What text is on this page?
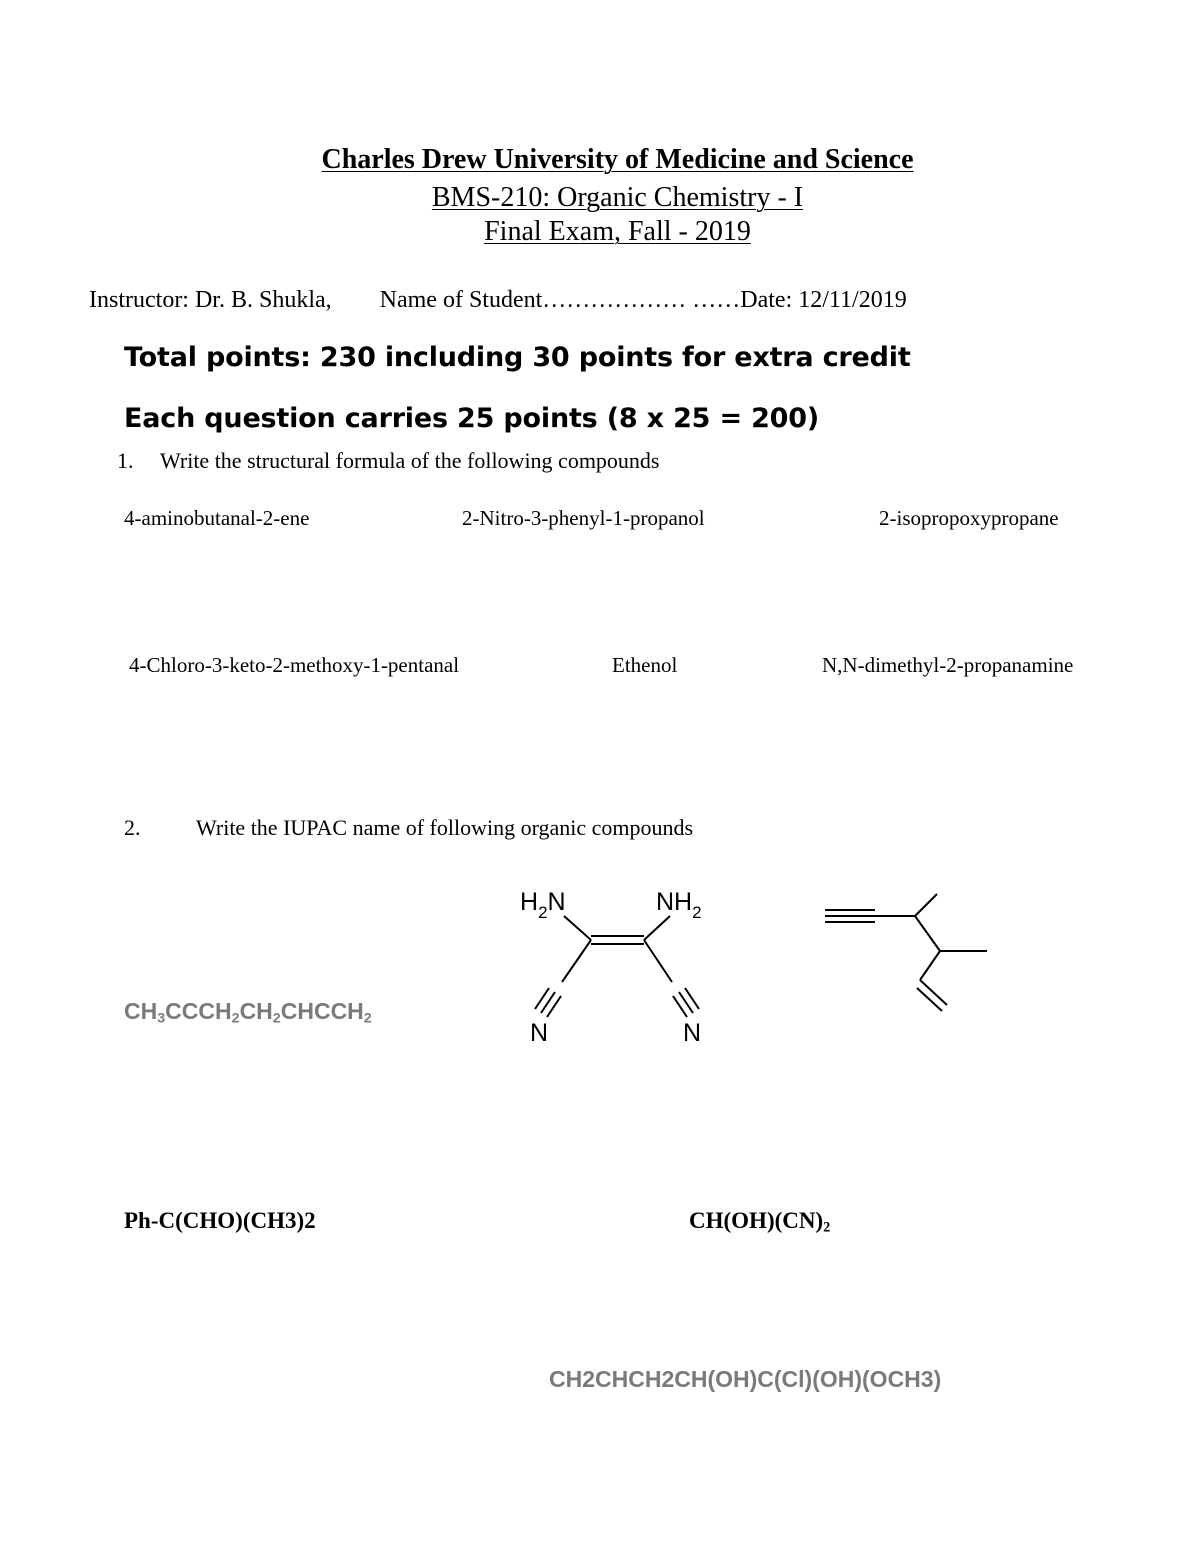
Charles Drew University of Medicine and Science
BMS-210: Organic Chemistry - I
Final Exam, Fall - 2019
Instructor: Dr. B. Shukla,        Name of Student……………… ……Date: 12/11/2019
Total points: 230 including 30 points for extra credit
Each question carries 25 points (8 x 25 = 200)
1. Write the structural formula of the following compounds
4-aminobutanal-2-ene	2-Nitro-3-phenyl-1-propanol	2-isopropoxypropane
4-Chloro-3-keto-2-methoxy-1-pentanal	Ethenol	N,N-dimethyl-2-propanamine
2.	Write the IUPAC name of following organic compounds
$CH_3CCCH_2CH_2CHCCH_2$
$H_2N$	$NH_2$
N	N
Ph-C(CHO)(CH3)2	$CH(OH)(CN)_2$
CH2CHCH2CH(OH)C(Cl)(OH)(OCH3)
